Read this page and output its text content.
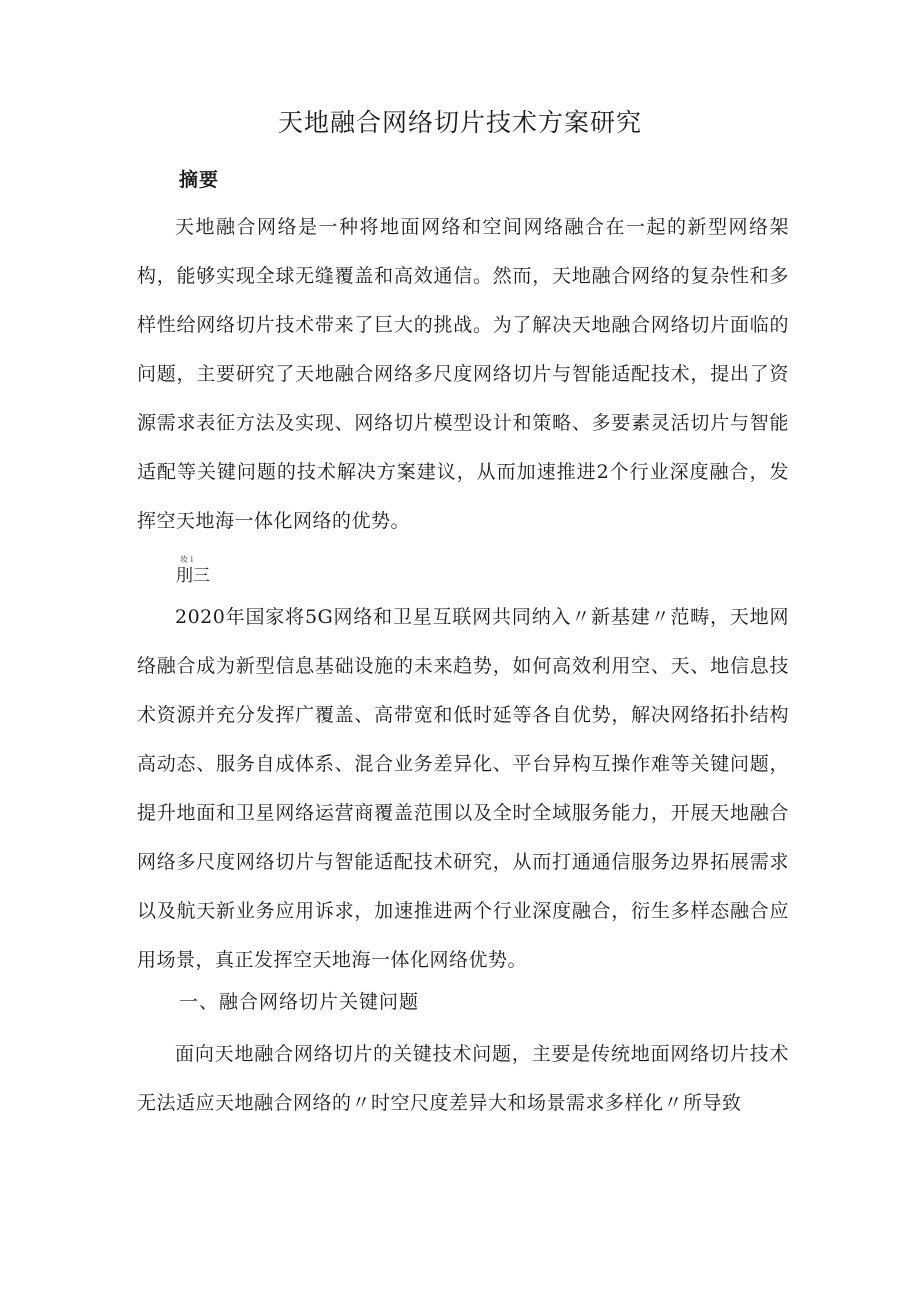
天地融合网络切片技术方案研究
摘要

天地融合网络是一种将地面网络和空间网络融合在一起的新型网络架构，能够实现全球无缝覆盖和高效通信。然而，天地融合网络的复杂性和多样性给网络切片技术带来了巨大的挑战。为了解决天地融合网络切片面临的问题，主要研究了天地融合网络多尺度网络切片与智能适配技术，提出了资源需求表征方法及实现、网络切片模型设计和策略、多要素灵活切片与智能适配等关键问题的技术解决方案建议，从而加速推进2个行业深度融合，发挥空天地海一体化网络的优势。

妆 i
刖三

2020年国家将5G网络和卫星互联网共同纳入〃新基建〃范畴，天地网络融合成为新型信息基础设施的未来趋势，如何高效利用空、天、地信息技术资源并充分发挥广覆盖、高带宽和低时延等各自优势，解决网络拓扑结构高动态、服务自成体系、混合业务差异化、平台异构互操作难等关键问题，提升地面和卫星网络运营商覆盖范围以及全时全域服务能力，开展天地融合网络多尺度网络切片与智能适配技术研究，从而打通通信服务边界拓展需求以及航天新业务应用诉求，加速推进两个行业深度融合，衍生多样态融合应用场景，真正发挥空天地海一体化网络优势。

一、融合网络切片关键问题

面向天地融合网络切片的关键技术问题，主要是传统地面网络切片技术无法适应天地融合网络的〃时空尺度差异大和场景需求多样化〃所导致
